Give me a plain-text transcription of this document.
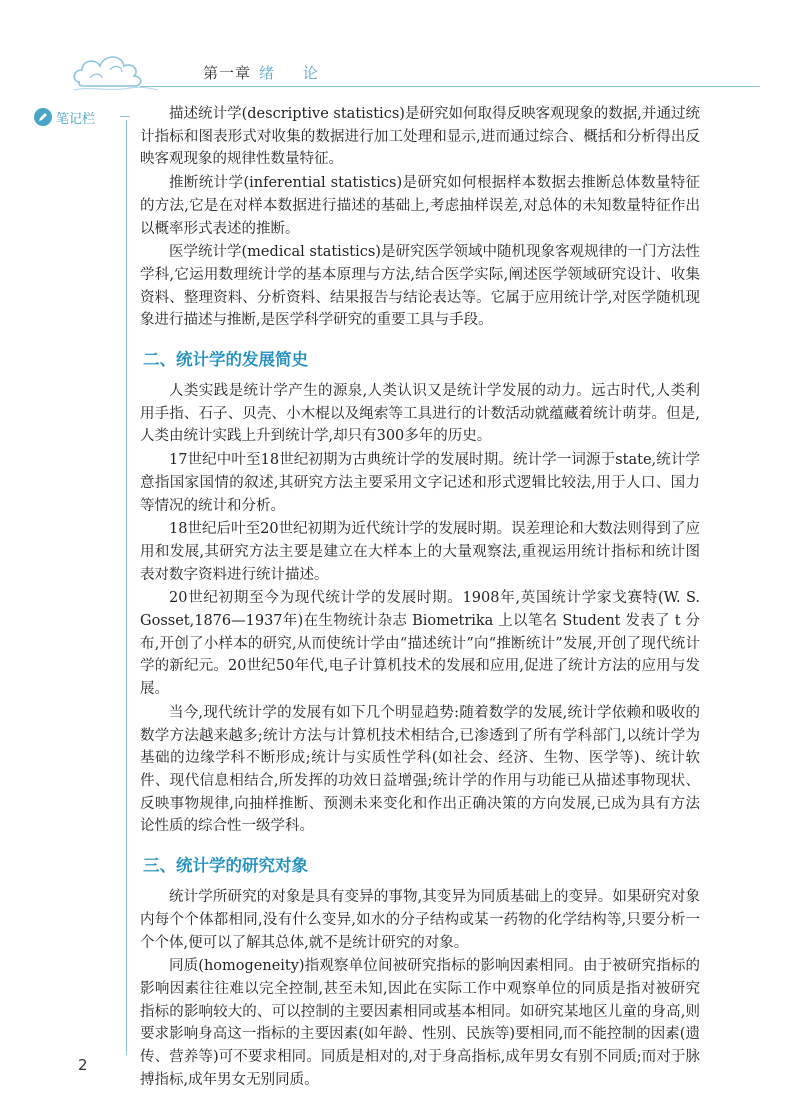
第一章 绪 论
笔记栏	描述统计学(descriptive statistics)是研究如何取得反映客观现象的数据,并通过统计指标和图表形式对收集的数据进行加工处理和显示,进而通过综合、概括和分析得出反映客观现象的规律性数量特征。

推断统计学(inferential statistics)是研究如何根据样本数据去推断总体数量特征的方法,它是在对样本数据进行描述的基础上,考虑抽样误差,对总体的未知数量特征作出以概率形式表述的推断。

医学统计学(medical statistics)是研究医学领域中随机现象客观规律的一门方法性学科,它运用数理统计学的基本原理与方法,结合医学实际,阐述医学领域研究设计、收集资料、整理资料、分析资料、结果报告与结论表达等。它属于应用统计学,对医学随机现象进行描述与推断,是医学科学研究的重要工具与手段。

二、统计学的发展简史

人类实践是统计学产生的源泉,人类认识又是统计学发展的动力。远古时代,人类利用手指、石子、贝壳、小木棍以及绳索等工具进行的计数活动就蕴藏着统计萌芽。但是,人类由统计实践上升到统计学,却只有300多年的历史。

17世纪中叶至18世纪初期为古典统计学的发展时期。统计学一词源于state,统计学意指国家国情的叙述,其研究方法主要采用文字记述和形式逻辑比较法,用于人口、国力等情况的统计和分析。

18世纪后叶至20世纪初期为近代统计学的发展时期。误差理论和大数法则得到了应用和发展,其研究方法主要是建立在大样本上的大量观察法,重视运用统计指标和统计图表对数字资料进行统计描述。

20世纪初期至今为现代统计学的发展时期。1908年,英国统计学家戈赛特(W. S. Gosset,1876—1937年)在生物统计杂志 Biometrika 上以笔名 Student 发表了 t 分布,开创了小样本的研究,从而使统计学由“描述统计”向“推断统计”发展,开创了现代统计学的新纪元。20世纪50年代,电子计算机技术的发展和应用,促进了统计方法的应用与发展。

当今,现代统计学的发展有如下几个明显趋势:随着数学的发展,统计学依赖和吸收的数学方法越来越多;统计方法与计算机技术相结合,已渗透到了所有学科部门,以统计学为基础的边缘学科不断形成;统计与实质性学科(如社会、经济、生物、医学等)、统计软件、现代信息相结合,所发挥的功效日益增强;统计学的作用与功能已从描述事物现状、反映事物规律,向抽样推断、预测未来变化和作出正确决策的方向发展,已成为具有方法论性质的综合性一级学科。

三、统计学的研究对象

统计学所研究的对象是具有变异的事物,其变异为同质基础上的变异。如果研究对象内每个个体都相同,没有什么变异,如水的分子结构或某一药物的化学结构等,只要分析一个个体,便可以了解其总体,就不是统计研究的对象。

同质(homogeneity)指观察单位间被研究指标的影响因素相同。由于被研究指标的影响因素往往难以完全控制,甚至未知,因此在实际工作中观察单位的同质是指对被研究指标的影响较大的、可以控制的主要因素相同或基本相同。如研究某地区儿童的身高,则要求影响身高这一指标的主要因素(如年龄、性别、民族等)要相同,而不能控制的因素(遗传、营养等)可不要求相同。同质是相对的,对于身高指标,成年男女有别不同质;而对于脉搏指标,成年男女无别同质。

2
